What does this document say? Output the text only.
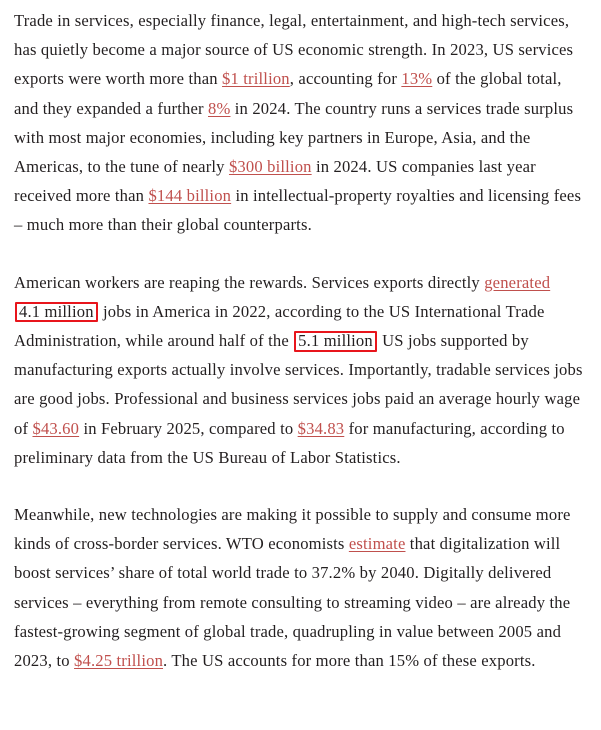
Trade in services, especially finance, legal, entertainment, and high-tech services, has quietly become a major source of US economic strength. In 2023, US services exports were worth more than $1 trillion, accounting for 13% of the global total, and they expanded a further 8% in 2024. The country runs a services trade surplus with most major economies, including key partners in Europe, Asia, and the Americas, to the tune of nearly $300 billion in 2024. US companies last year received more than $144 billion in intellectual-property royalties and licensing fees – much more than their global counterparts.

American workers are reaping the rewards. Services exports directly generated4.1 million jobs in America in 2022, according to the US International Trade Administration, while around half of the 5.1 million US jobs supported by manufacturing exports actually involve services. Importantly, tradable services jobs are good jobs. Professional and business services jobs paid an average hourly wage of $43.60 in February 2025, compared to $34.83 for manufacturing, according to preliminary data from the US Bureau of Labor Statistics.

Meanwhile, new technologies are making it possible to supply and consume more kinds of cross-border services. WTO economists estimate that digitalization will boost services’ share of total world trade to 37.2% by 2040. Digitally delivered services – everything from remote consulting to streaming video – are already the fastest-growing segment of global trade, quadrupling in value between 2005 and 2023, to $4.25 trillion. The US accounts for more than 15% of these exports.
